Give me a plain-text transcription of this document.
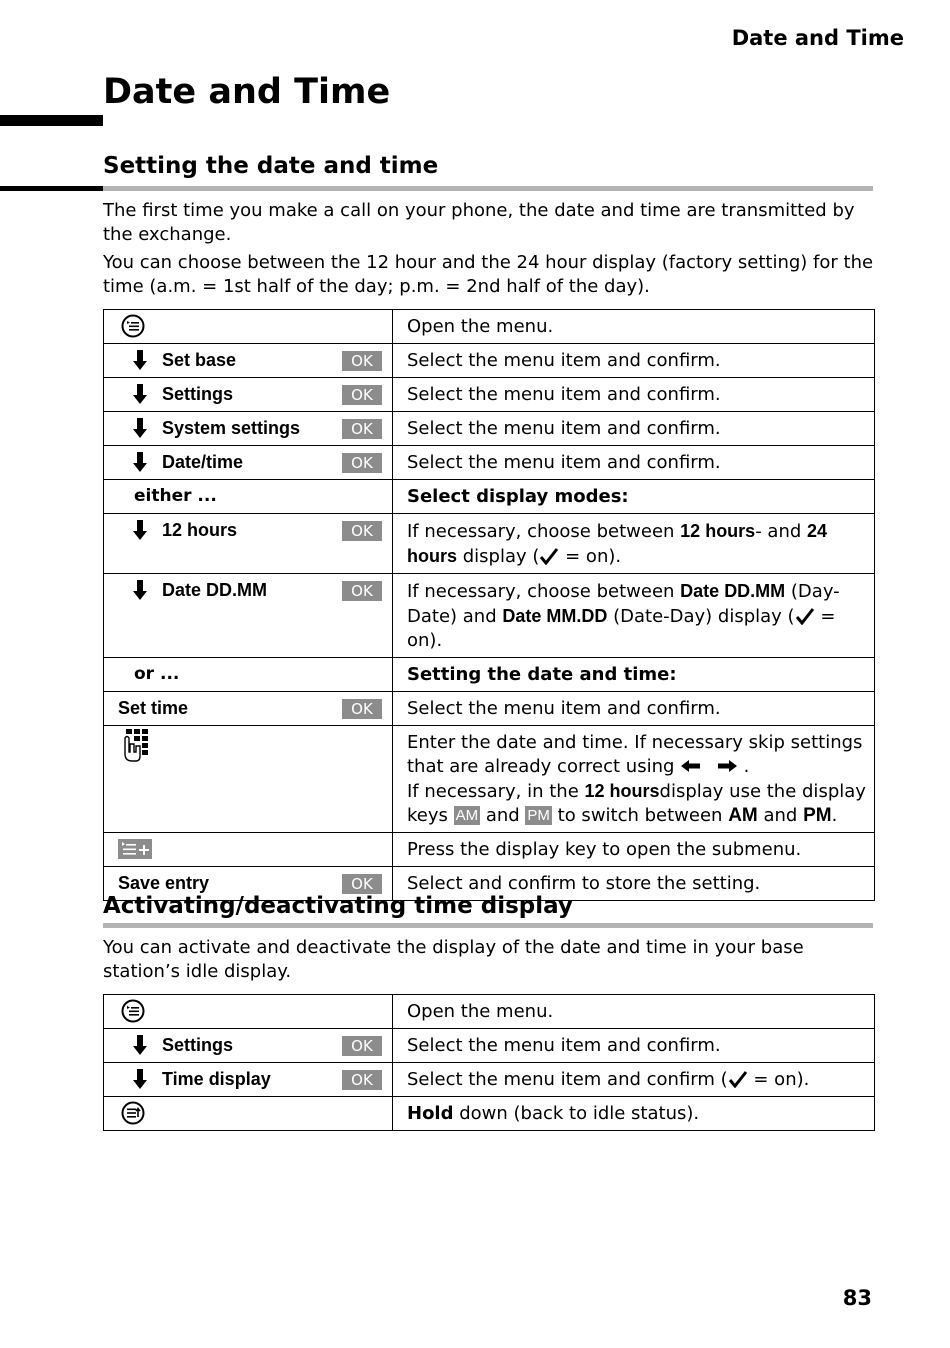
Date and Time
Date and Time
Setting the date and time
The first time you make a call on your phone, the date and time are transmitted by the exchange.
You can choose between the 12 hour and the 24 hour display (factory setting) for the time (a.m. = 1st half of the day; p.m. = 2nd half of the day).
	Open the menu.

Set base OK	Select the menu item and confirm.

Settings OK	Select the menu item and confirm.

System settings OK	Select the menu item and confirm.

Date/time OK	Select the menu item and confirm.

either ...	Select display modes:

12 hours OK	If necessary, choose between 12 hours- and 24 hours display ( = on).

Date DD.MM OK	If necessary, choose between Date DD.MM (Day-Date) and Date MM.DD (Date-Day) display ( = on).

or ...	Setting the date and time:

Set time OK	Select the menu item and confirm.
	Enter the date and time. If necessary skip settings that are already correct using .
If necessary, in the 12 hoursdisplay use the display keys AM and PM to switch between AM and PM.

	Press the display key to open the submenu.

Save entry OK	Select and confirm to store the setting.
Activating/deactivating time display
You can activate and deactivate the display of the date and time in your base station’s idle display.
	Open the menu.

Settings OK	Select the menu item and confirm.

Time display OK	Select the menu item and confirm ( = on).

	Hold down (back to idle status).
83
